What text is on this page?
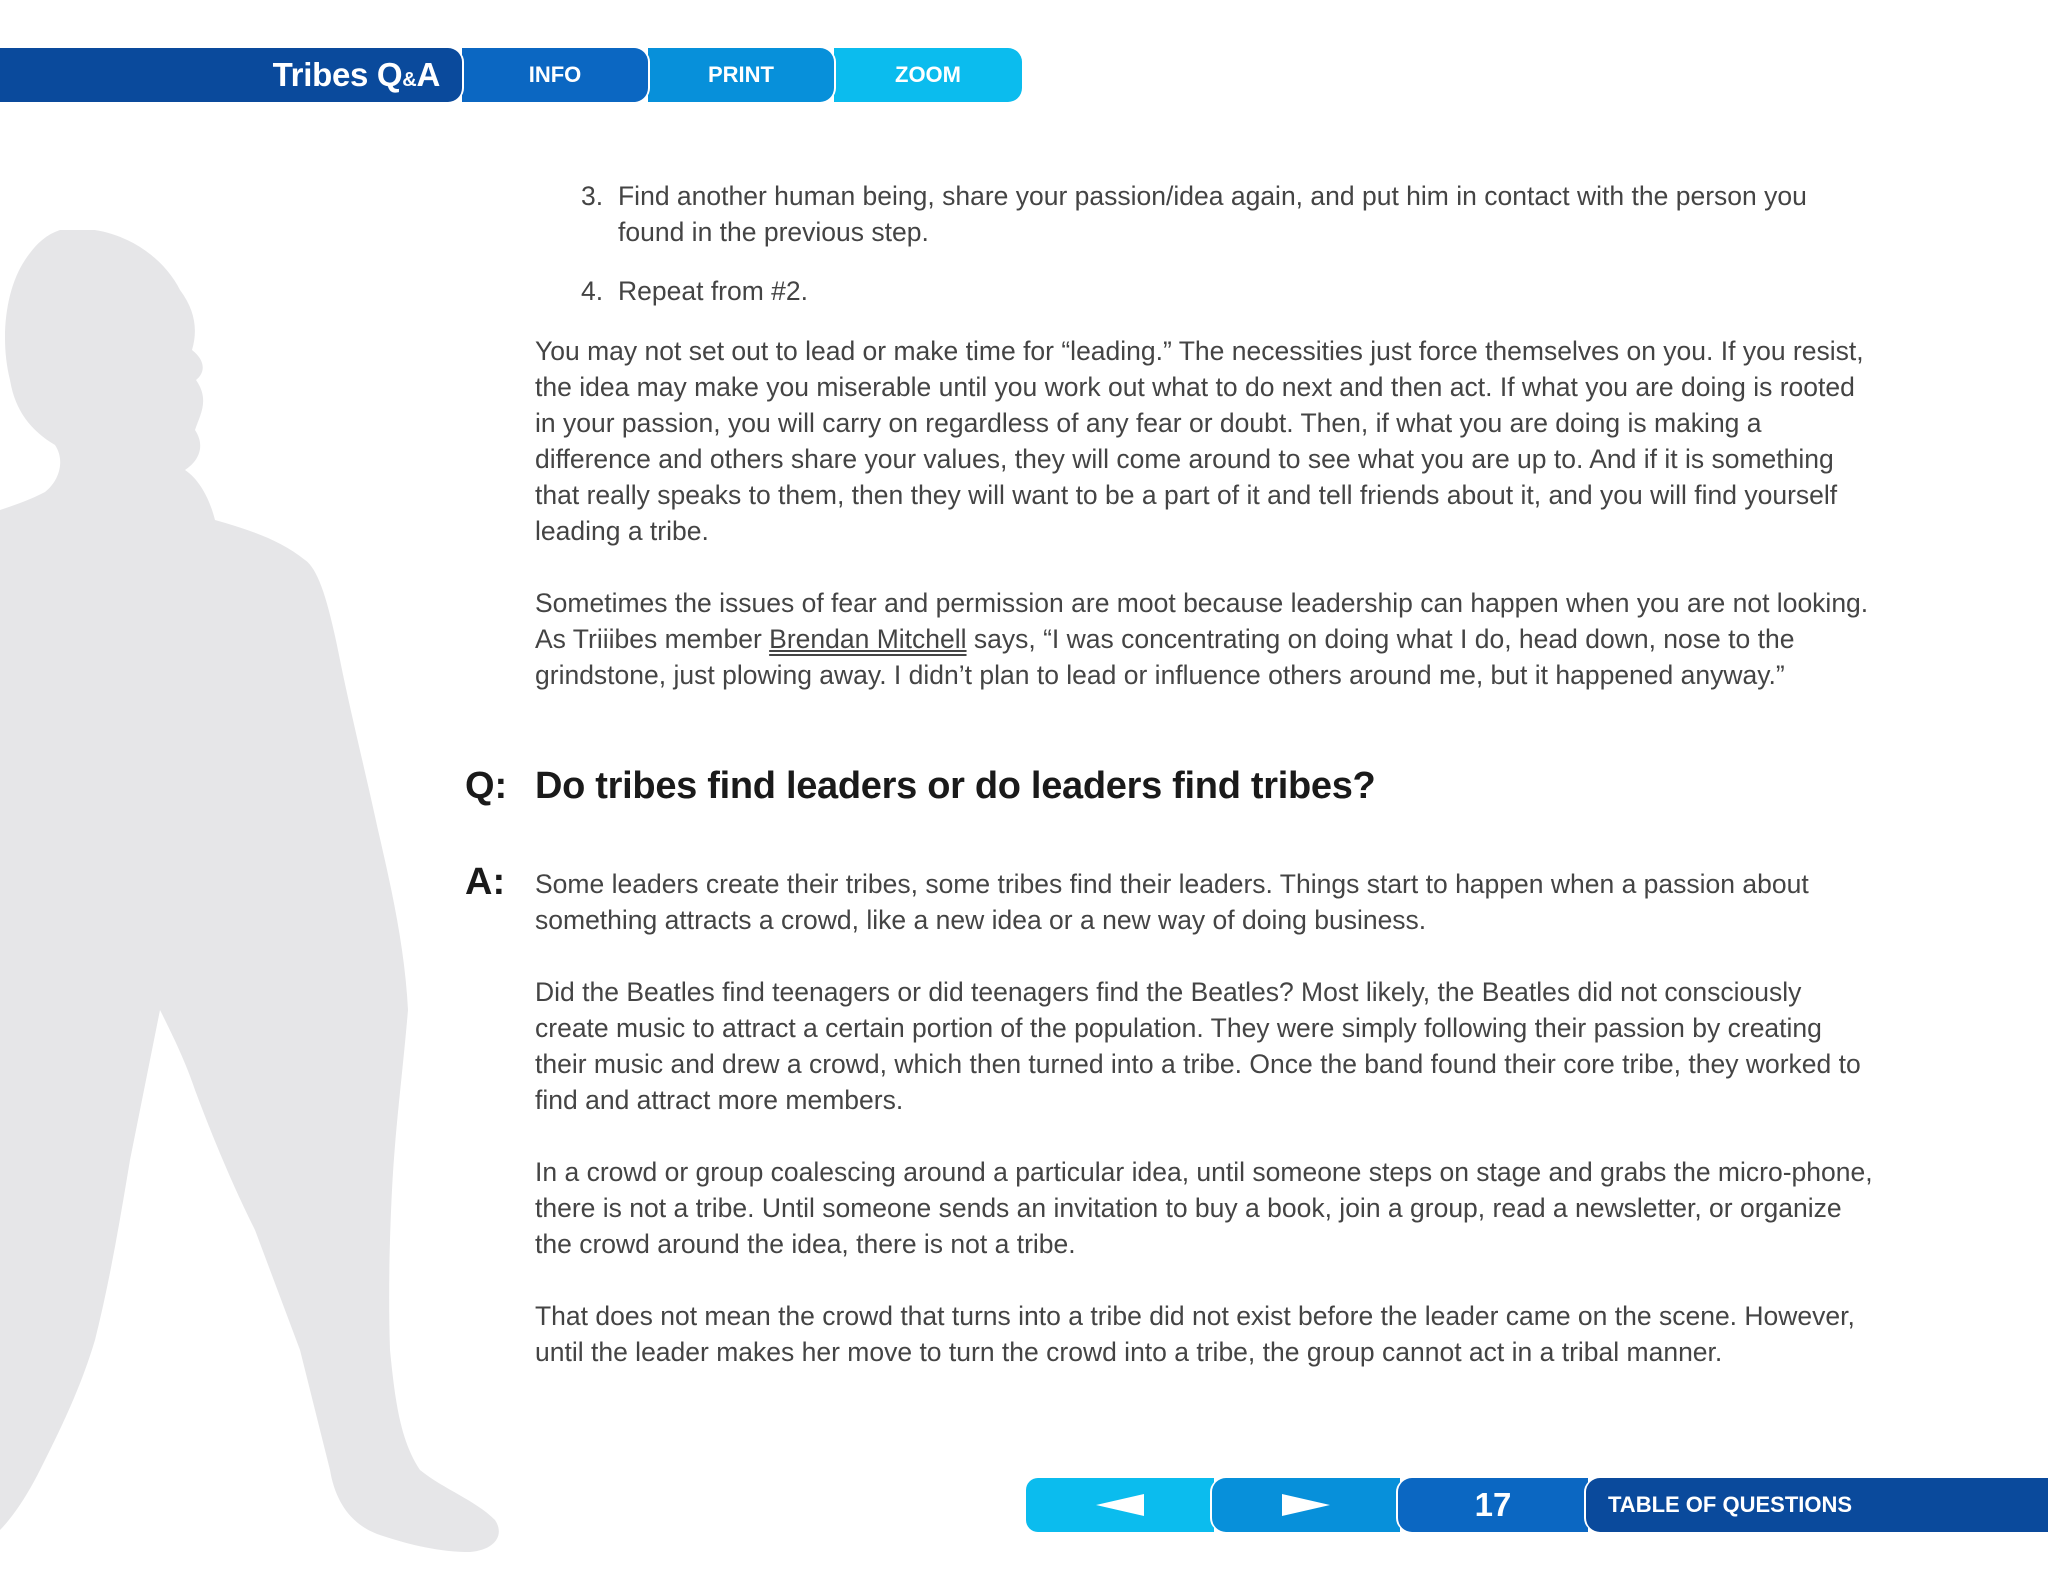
Tribes Q&A	INFO	PRINT	ZOOM
3. Find another human being, share your passion/idea again, and put him in contact with the person you found in the previous step.
4. Repeat from #2.

You may not set out to lead or make time for “leading.” The necessities just force themselves on you. If you resist, the idea may make you miserable until you work out what to do next and then act. If what you are doing is rooted in your passion, you will carry on regardless of any fear or doubt. Then, if what you are doing is making a difference and others share your values, they will come around to see what you are up to. And if it is something that really speaks to them, then they will want to be a part of it and tell friends about it, and you will find yourself leading a tribe.

Sometimes the issues of fear and permission are moot because leadership can happen when you are not looking. As Triiibes member Brendan Mitchell says, “I was concentrating on doing what I do, head down, nose to the grindstone, just plowing away. I didn’t plan to lead or influence others around me, but it happened anyway.”

Q: Do tribes find leaders or do leaders find tribes?
A: Some leaders create their tribes, some tribes find their leaders. Things start to happen when a passion about something attracts a crowd, like a new idea or a new way of doing business.

Did the Beatles find teenagers or did teenagers find the Beatles? Most likely, the Beatles did not consciously create music to attract a certain portion of the population. They were simply following their passion by creating their music and drew a crowd, which then turned into a tribe. Once the band found their core tribe, they worked to find and attract more members.

In a crowd or group coalescing around a particular idea, until someone steps on stage and grabs the micro-phone, there is not a tribe. Until someone sends an invitation to buy a book, join a group, read a newsletter, or organize the crowd around the idea, there is not a tribe.

That does not mean the crowd that turns into a tribe did not exist before the leader came on the scene. However, until the leader makes her move to turn the crowd into a tribe, the group cannot act in a tribal manner.

17	TABLE OF QUESTIONS
